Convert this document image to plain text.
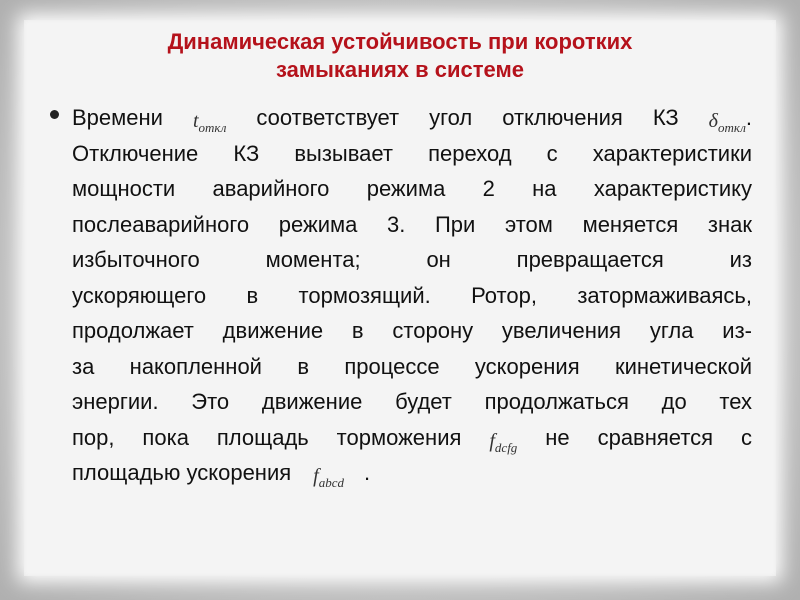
Динамическая устойчивость при коротких
замыканиях в системе
Времени $t_{откл}$ соответствует угол отключения КЗ $\delta_{откл}$.
Отключение КЗ вызывает переход с характеристики
мощности аварийного режима 2 на характеристику
послеаварийного режима 3. При этом меняется знак
избыточного момента; он превращается из
ускоряющего в тормозящий. Ротор, затормаживаясь,
продолжает движение в сторону увеличения угла из-
за накопленной в процессе ускорения кинетической
энергии. Это движение будет продолжаться до тех
пор, пока площадь торможения $f_{dcfg}$ не сравняется с
площадью ускорения $f_{abcd}$ .
